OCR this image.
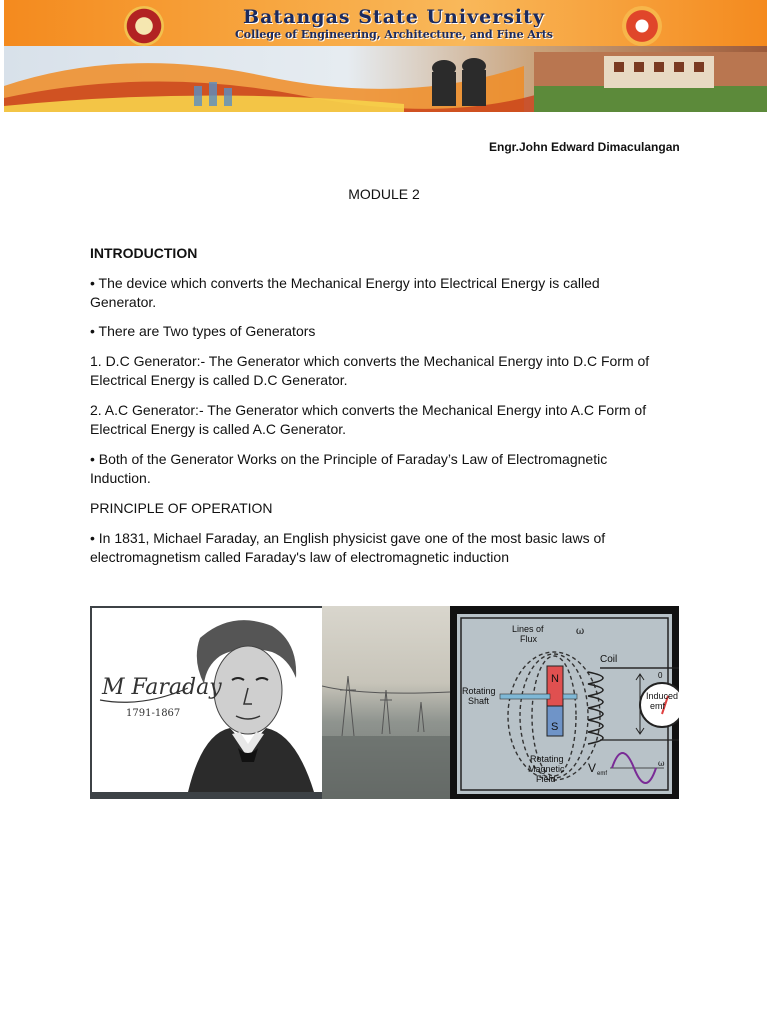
Batangas State University
College of Engineering, Architecture, and Fine Arts
Engr.John Edward Dimaculangan
MODULE 2
INTRODUCTION

• The device which converts the Mechanical Energy into Electrical Energy is called Generator.

• There are Two types of Generators

1. D.C Generator:- The Generator which converts the Mechanical Energy into D.C Form of Electrical Energy is called D.C Generator.

2. A.C Generator:- The Generator which converts the Mechanical Energy into A.C Form of Electrical Energy is called A.C Generator.

• Both of the Generator Works on the Principle of Faraday’s Law of Electromagnetic Induction.

PRINCIPLE OF OPERATION

• In 1831, Michael Faraday, an English physicist gave one of the most basic laws of electromagnetism called Faraday's law of electromagnetic induction

M Faraday
1791-1867
N
S
Lines of
Flux
ω
Coil	i
Rotating
Shaft	Induced
emf
Rotating
Magnetic
Field
V emf
0
ω
